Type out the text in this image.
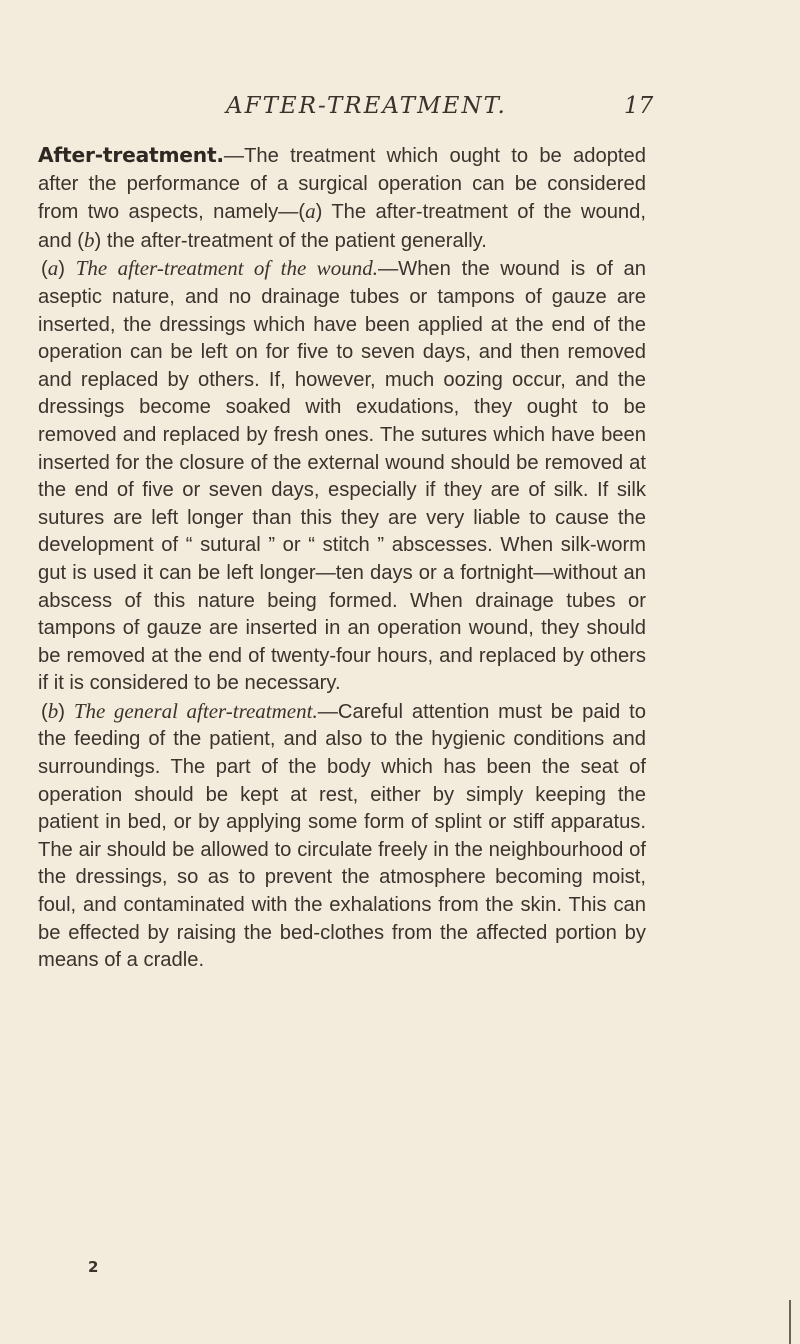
AFTER-TREATMENT.	17

After-treatment.—The treatment which ought to be adopted after the performance of a surgical operation can be considered from two aspects, namely—(a) The after-treatment of the wound, and (b) the after-treatment of the patient generally.

(a) The after-treatment of the wound.—When the wound is of an aseptic nature, and no drainage tubes or tampons of gauze are inserted, the dressings which have been applied at the end of the operation can be left on for five to seven days, and then removed and replaced by others. If, however, much oozing occur, and the dressings become soaked with exudations, they ought to be removed and replaced by fresh ones. The sutures which have been inserted for the closure of the external wound should be removed at the end of five or seven days, especially if they are of silk. If silk sutures are left longer than this they are very liable to cause the development of “ sutural ” or “ stitch ” abscesses. When silk-worm gut is used it can be left longer—ten days or a fortnight—without an abscess of this nature being formed. When drainage tubes or tampons of gauze are inserted in an operation wound, they should be removed at the end of twenty-four hours, and replaced by others if it is considered to be necessary.

(b) The general after-treatment.—Careful attention must be paid to the feeding of the patient, and also to the hygienic conditions and surroundings. The part of the body which has been the seat of operation should be kept at rest, either by simply keeping the patient in bed, or by applying some form of splint or stiff apparatus. The air should be allowed to circulate freely in the neighbourhood of the dressings, so as to prevent the atmosphere becoming moist, foul, and contaminated with the exhalations from the skin. This can be effected by raising the bed-clothes from the affected portion by means of a cradle.

2
